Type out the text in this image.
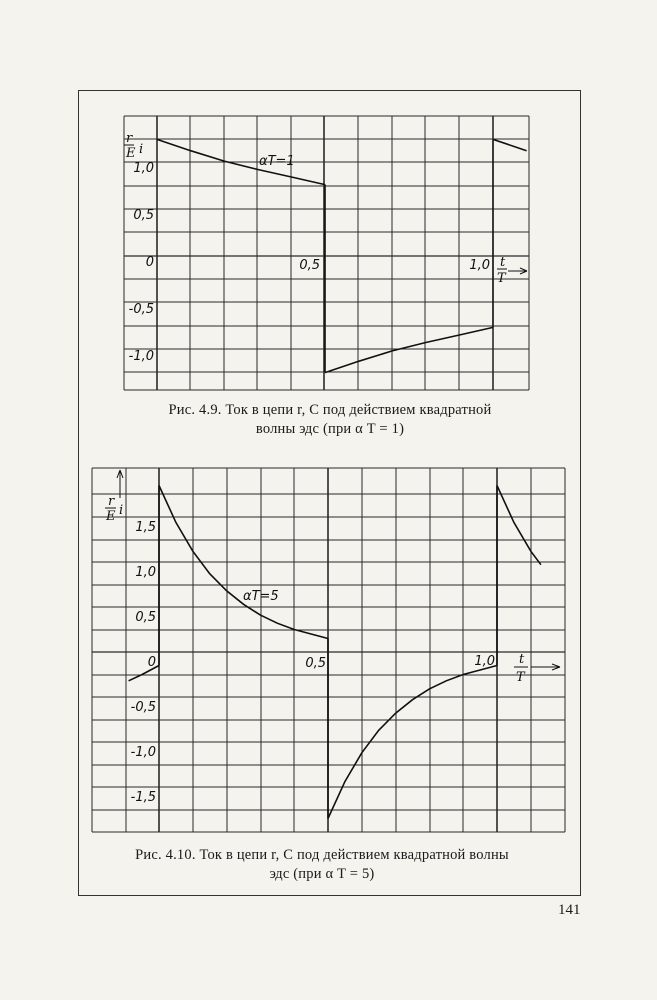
1,0
0,5
0
-0,5
-1,0
0,5	1,0
αT=1
r
E i
t
T
1,5
1,0
0,5
0
-0,5
-1,0
-1,5
0,5	1,0
αT=5
r
E i
t
T
Рис. 4.9. Ток в цепи r, C под действием квадратной
волны эдс (при α T = 1)
Рис. 4.10. Ток в цепи r, C под действием квадратной волны
эдс (при α T = 5)
141
